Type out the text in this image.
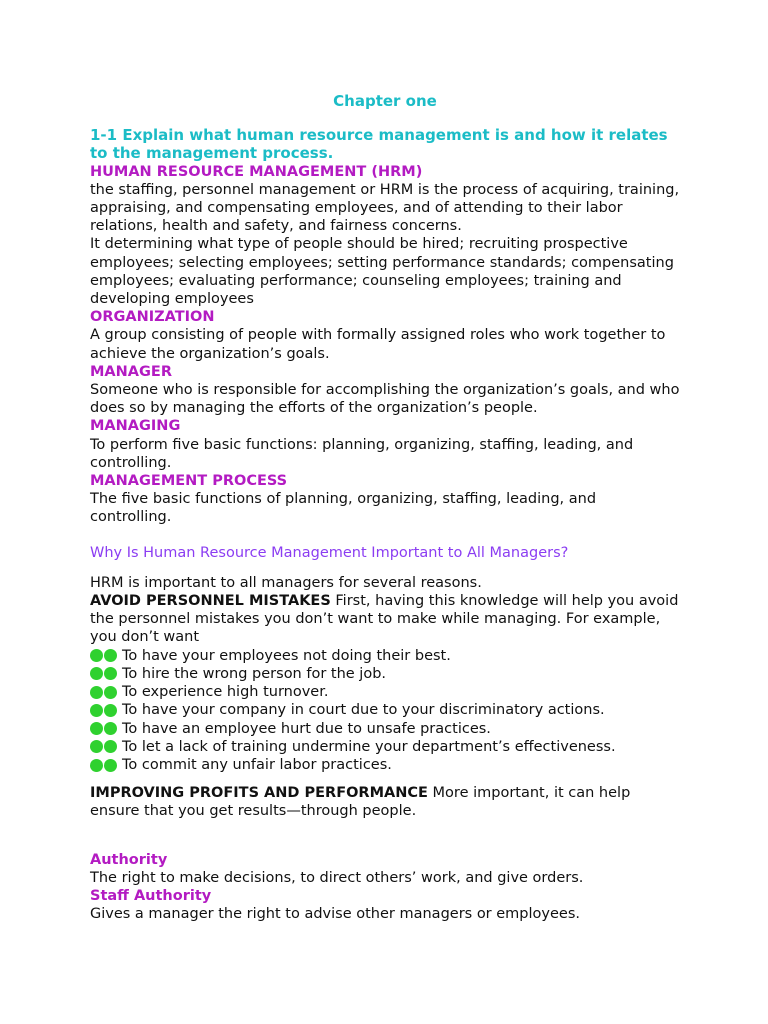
Chapter one
1-1 Explain what human resource management is and how it relates to the management process.
HUMAN RESOURCE MANAGEMENT (HRM)
the staffing, personnel management or HRM is the process of acquiring, training, appraising, and compensating employees, and of attending to their labor relations, health and safety, and fairness concerns.
It determining what type of people should be hired; recruiting prospective employees; selecting employees; setting performance standards; compensating employees; evaluating performance; counseling employees; training and developing employees
ORGANIZATION
A group consisting of people with formally assigned roles who work together to achieve the organization’s goals.
MANAGER
Someone who is responsible for accomplishing the organization’s goals, and who does so by managing the efforts of the organization’s people.
MANAGING
To perform five basic functions: planning, organizing, staffing, leading, and controlling.
MANAGEMENT PROCESS
The five basic functions of planning, organizing, staffing, leading, and controlling.
Why Is Human Resource Management Important to All Managers?
HRM is important to all managers for several reasons.
AVOID PERSONNEL MISTAKES First, having this knowledge will help you avoid the personnel mistakes you don’t want to make while managing. For example, you don’t want
To have your employees not doing their best.
To hire the wrong person for the job.
To experience high turnover.
To have your company in court due to your discriminatory actions.
To have an employee hurt due to unsafe practices.
To let a lack of training undermine your department’s effectiveness.
To commit any unfair labor practices.
IMPROVING PROFITS AND PERFORMANCE More important, it can help ensure that you get results—through people.
Authority
The right to make decisions, to direct others’ work, and give orders.
Staff Authority
Gives a manager the right to advise other managers or employees.
